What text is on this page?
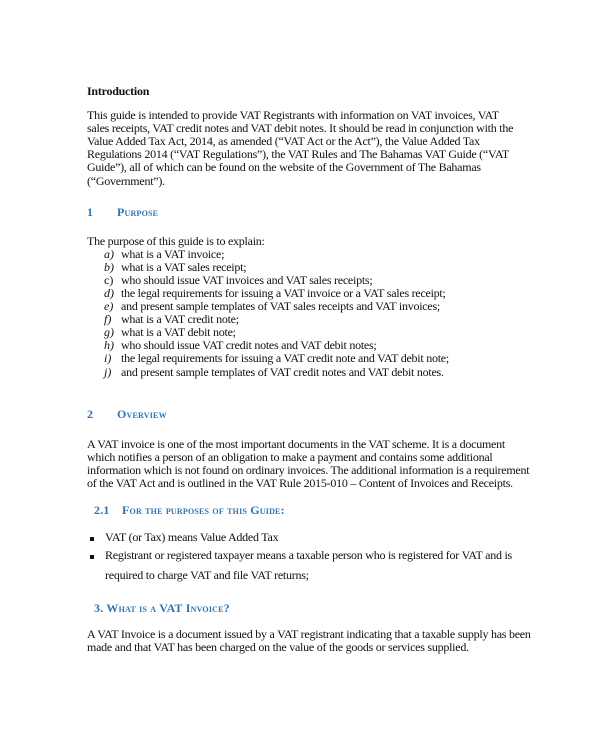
Introduction
This guide is intended to provide VAT Registrants with information on VAT invoices, VAT
sales receipts, VAT credit notes and VAT debit notes. It should be read in conjunction with the
Value Added Tax Act, 2014, as amended (“VAT Act or the Act”), the Value Added Tax
Regulations 2014 (“VAT Regulations”), the VAT Rules and The Bahamas VAT Guide (“VAT
Guide”), all of which can be found on the website of the Government of The Bahamas
(“Government”).
1 Purpose
The purpose of this guide is to explain:
a) what is a VAT invoice;
b) what is a VAT sales receipt;
c) who should issue VAT invoices and VAT sales receipts;
d) the legal requirements for issuing a VAT invoice or a VAT sales receipt;
e) and present sample templates of VAT sales receipts and VAT invoices;
f) what is a VAT credit note;
g) what is a VAT debit note;
h) who should issue VAT credit notes and VAT debit notes;
i) the legal requirements for issuing a VAT credit note and VAT debit note;
j) and present sample templates of VAT credit notes and VAT debit notes.
2 Overview
A VAT invoice is one of the most important documents in the VAT scheme. It is a document
which notifies a person of an obligation to make a payment and contains some additional
information which is not found on ordinary invoices. The additional information is a requirement
of the VAT Act and is outlined in the VAT Rule 2015-010 – Content of Invoices and Receipts.
2.1 For the purposes of this Guide:
VAT (or Tax) means Value Added Tax
Registrant or registered taxpayer means a taxable person who is registered for VAT and is
required to charge VAT and file VAT returns;
3. What is a VAT Invoice?
A VAT Invoice is a document issued by a VAT registrant indicating that a taxable supply has been
made and that VAT has been charged on the value of the goods or services supplied.
